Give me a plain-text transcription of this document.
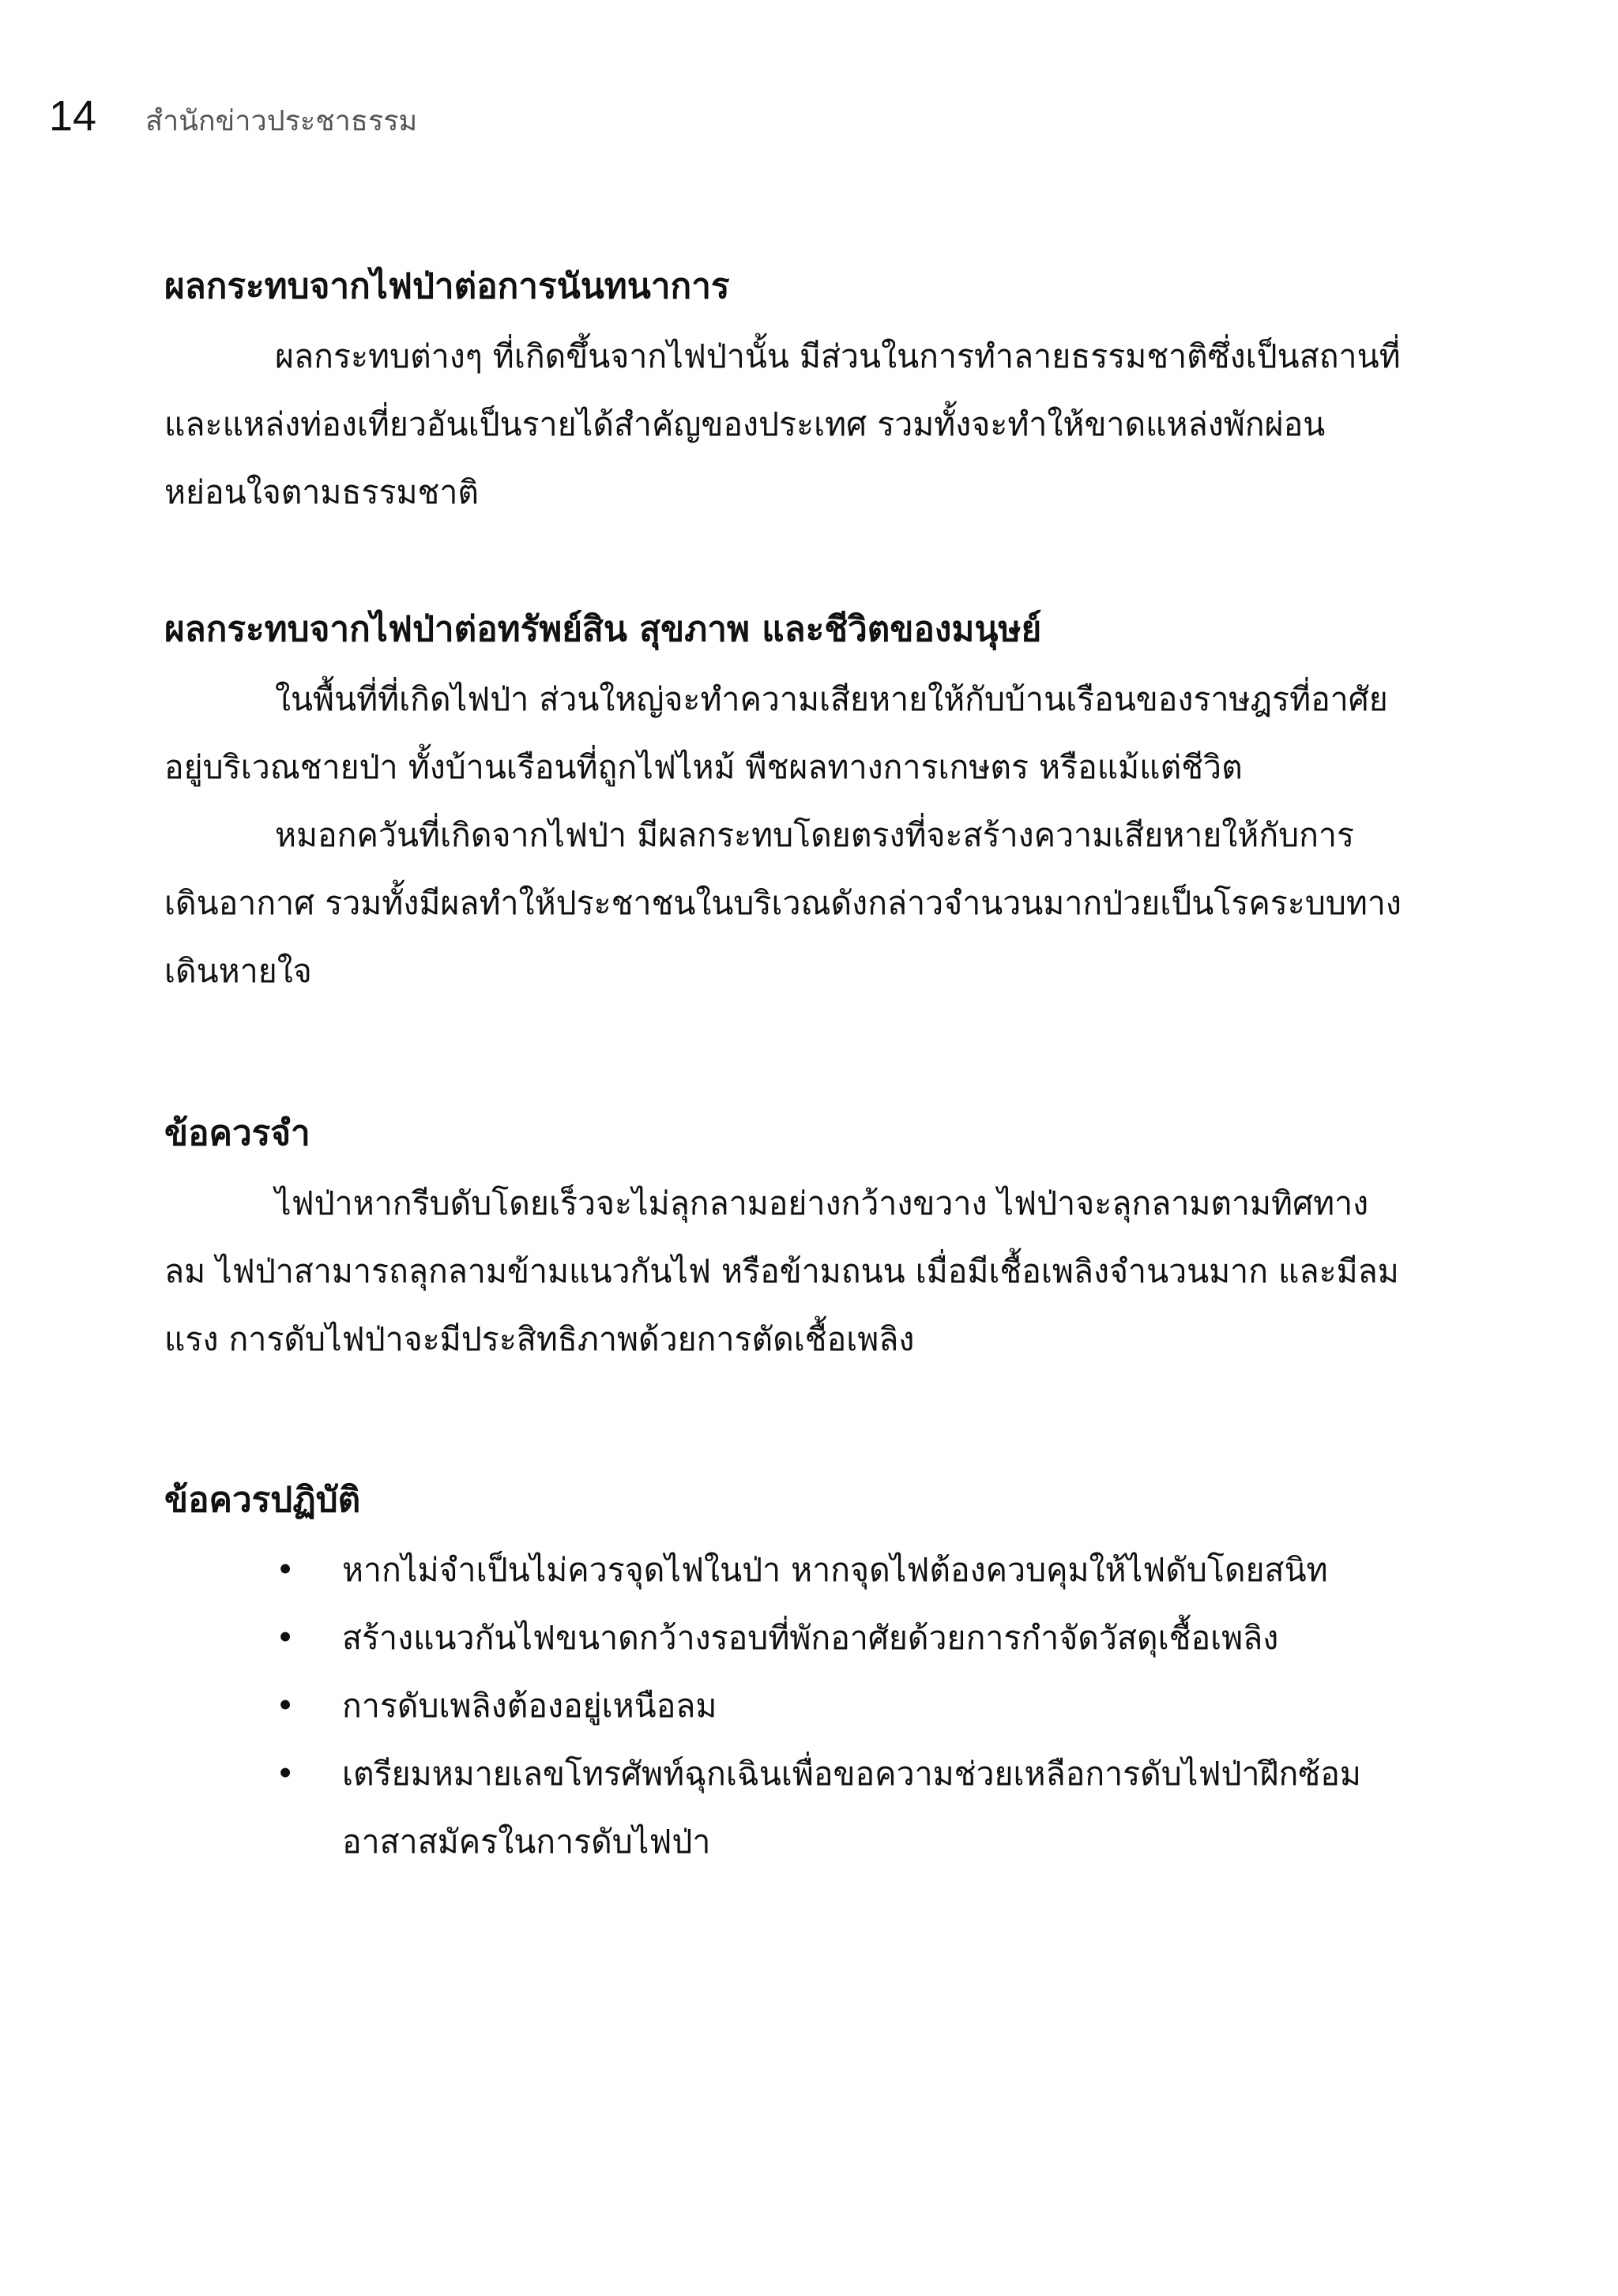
14 สำนักข่าวประชาธรรม
ผลกระทบจากไฟป่าต่อการนันทนาการ

ผลกระทบต่างๆ ที่เกิดขึ้นจากไฟป่านั้น มีส่วนในการทำลายธรรมชาติซึ่งเป็นสถานที่ และแหล่งท่องเที่ยวอันเป็นรายได้สำคัญของประเทศ รวมทั้งจะทำให้ขาดแหล่งพักผ่อนหย่อนใจตามธรรมชาติ

ผลกระทบจากไฟป่าต่อทรัพย์สิน สุขภาพ และชีวิตของมนุษย์

ในพื้นที่ที่เกิดไฟป่า ส่วนใหญ่จะทำความเสียหายให้กับบ้านเรือนของราษฎรที่อาศัยอยู่บริเวณชายป่า ทั้งบ้านเรือนที่ถูกไฟไหม้ พืชผลทางการเกษตร หรือแม้แต่ชีวิต

หมอกควันที่เกิดจากไฟป่า มีผลกระทบโดยตรงที่จะสร้างความเสียหายให้กับการเดินอากาศ รวมทั้งมีผลทำให้ประชาชนในบริเวณดังกล่าวจำนวนมากป่วยเป็นโรคระบบทางเดินหายใจ

ข้อควรจำ

ไฟป่าหากรีบดับโดยเร็วจะไม่ลุกลามอย่างกว้างขวาง ไฟป่าจะลุกลามตามทิศทางลม ไฟป่าสามารถลุกลามข้ามแนวกันไฟ หรือข้ามถนน เมื่อมีเชื้อเพลิงจำนวนมาก และมีลมแรง การดับไฟป่าจะมีประสิทธิภาพด้วยการตัดเชื้อเพลิง

ข้อควรปฏิบัติ
• หากไม่จำเป็นไม่ควรจุดไฟในป่า หากจุดไฟต้องควบคุมให้ไฟดับโดยสนิท
• สร้างแนวกันไฟขนาดกว้างรอบที่พักอาศัยด้วยการกำจัดวัสดุเชื้อเพลิง
• การดับเพลิงต้องอยู่เหนือลม
• เตรียมหมายเลขโทรศัพท์ฉุกเฉินเพื่อขอความช่วยเหลือการดับไฟป่าฝึกซ้อมอาสาสมัครในการดับไฟป่า
